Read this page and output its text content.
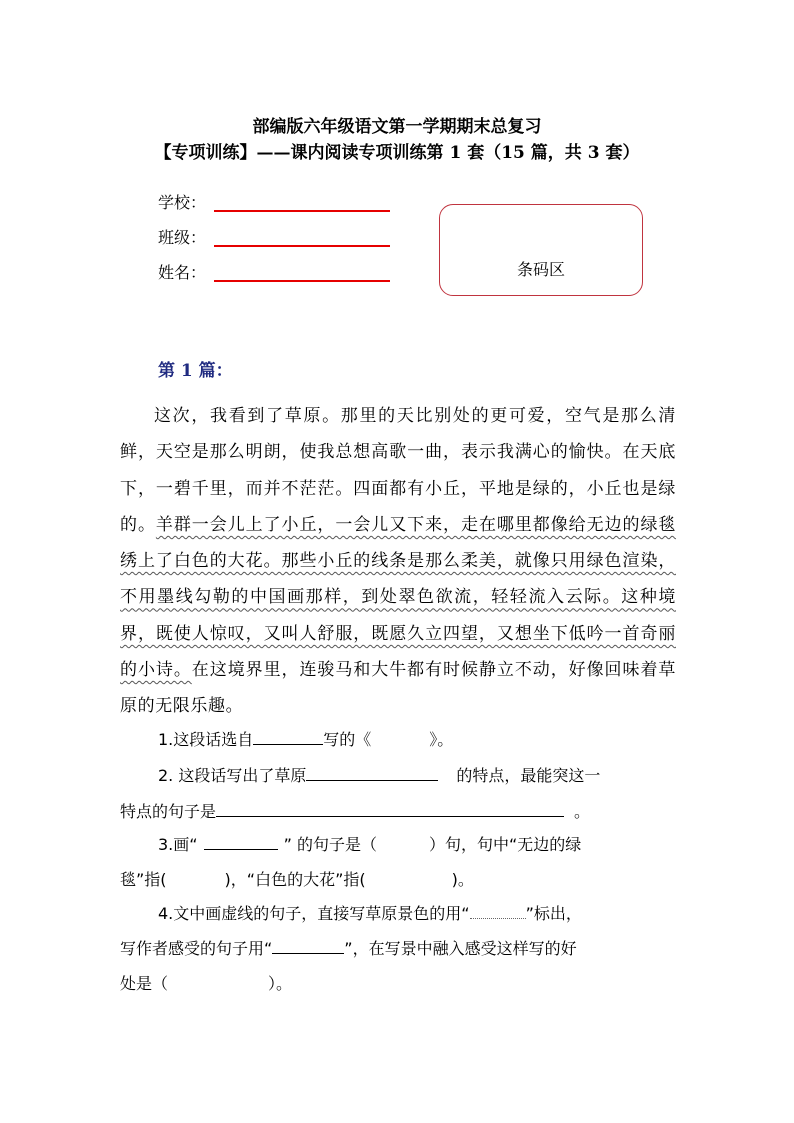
部编版六年级语文第一学期期末总复习
【专项训练】——课内阅读专项训练第 1 套（15 篇，共 3 套）
学校：
班级：
姓名：	条码区
第 1 篇：
这次，我看到了草原。那里的天比别处的更可爱，空气是那么清鲜，天空是那么明朗，使我总想高歌一曲，表示我满心的愉快。在天底下，一碧千里，而并不茫茫。四面都有小丘，平地是绿的，小丘也是绿的。羊群一会儿上了小丘，一会儿又下来，走在哪里都像给无边的绿毯绣上了白色的大花。那些小丘的线条是那么柔美，就像只用绿色渲染，不用墨线勾勒的中国画那样，到处翠色欲流，轻轻流入云际。这种境界，既使人惊叹，又叫人舒服，既愿久立四望，又想坐下低吟一首奇丽的小诗。在这境界里，连骏马和大牛都有时候静立不动，好像回味着草原的无限乐趣。
1.这段话选自	写的《	》。
2. 这段话写出了草原	的特点，最能突这一
特点的句子是	。
3.画“	” 的句子是（	）句，句中“无边的绿
毯”指(	)，“白色的大花”指(	)。
4.文中画虚线的句子，直接写草原景色的用“	”标出，
写作者感受的句子用“	”，在写景中融入感受这样写的好
处是（	）。
